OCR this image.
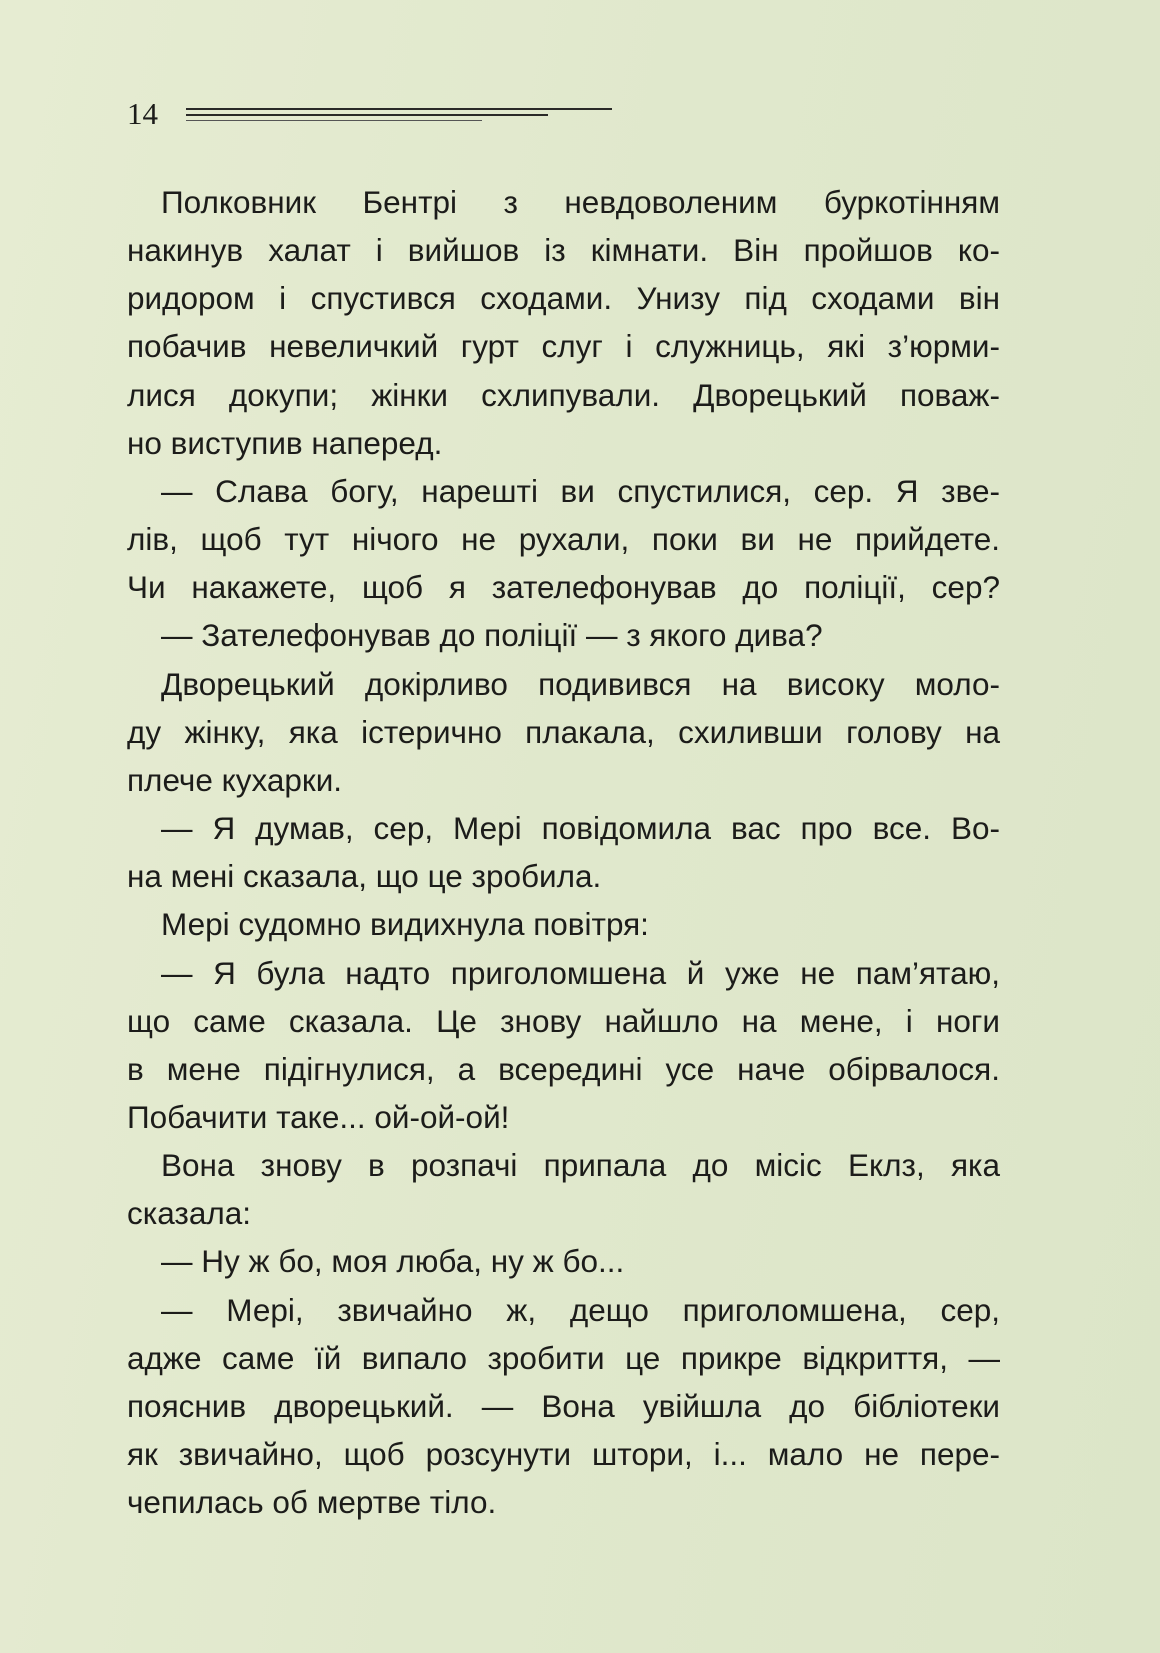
14
Полковник Бентрі з невдоволеним буркотінням
накинув халат і вийшов із кімнати. Він пройшов ко-
ридором і спустився сходами. Унизу під сходами він
побачив невеличкий гурт слуг і служниць, які з’юрми-
лися докупи; жінки схлипували. Дворецький поваж-
но виступив наперед.
— Слава богу, нарешті ви спустилися, сер. Я зве-
лів, щоб тут нічого не рухали, поки ви не прийдете.
Чи накажете, щоб я зателефонував до поліції, сер?
— Зателефонував до поліції — з якого дива?
Дворецький докірливо подивився на високу моло-
ду жінку, яка істерично плакала, схиливши голову на
плече кухарки.
— Я думав, сер, Мері повідомила вас про все. Во-
на мені сказала, що це зробила.
Мері судомно видихнула повітря:
— Я була надто приголомшена й уже не пам’ятаю,
що саме сказала. Це знову найшло на мене, і ноги
в мене підігнулися, а всередині усе наче обірвалося.
Побачити таке... ой-ой-ой!
Вона знову в розпачі припала до місіс Еклз, яка
сказала:
— Ну ж бо, моя люба, ну ж бо...
— Мері, звичайно ж, дещо приголомшена, сер,
адже саме їй випало зробити це прикре відкриття, —
пояснив дворецький. — Вона увійшла до бібліотеки
як звичайно, щоб розсунути штори, і... мало не пере-
чепилась об мертве тіло.
